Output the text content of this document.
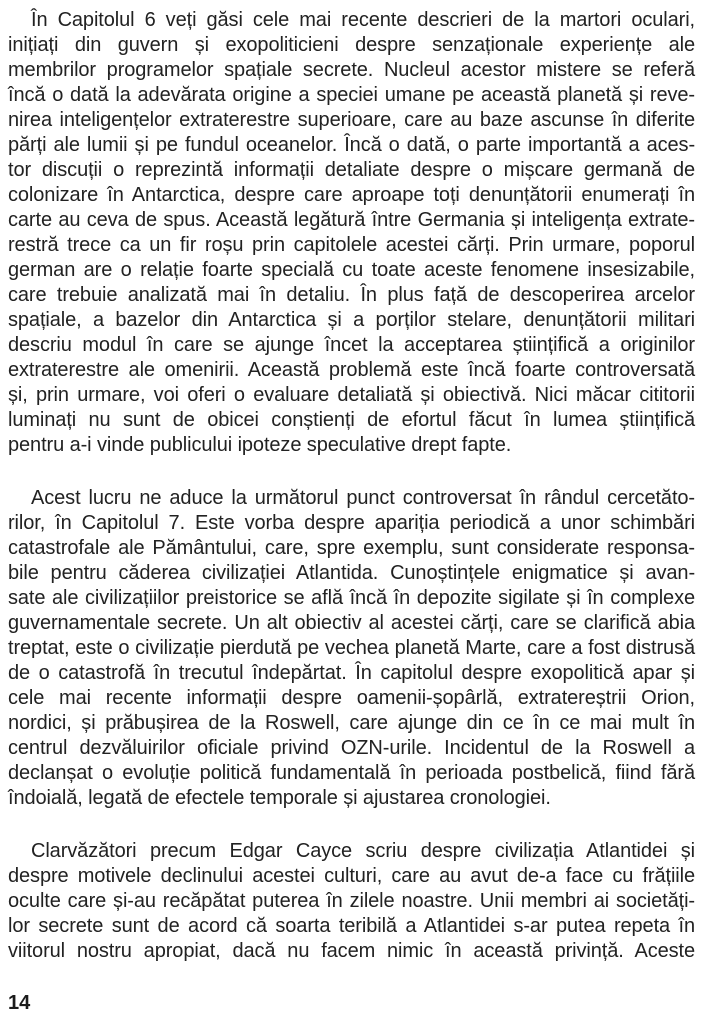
În Capitolul 6 veți găsi cele mai recente descrieri de la martori oculari,
inițiați din guvern și exopoliticieni despre senzaționale experiențe ale
membrilor programelor spațiale secrete. Nucleul acestor mistere se referă
încă o dată la adevărata origine a speciei umane pe această planetă și reve-
nirea inteligențelor extraterestre superioare, care au baze ascunse în diferite
părți ale lumii și pe fundul oceanelor. Încă o dată, o parte importantă a aces-
tor discuții o reprezintă informații detaliate despre o mișcare germană de
colonizare în Antarctica, despre care aproape toți denunțătorii enumerați în
carte au ceva de spus. Această legătură între Germania și inteligența extrate-
restră trece ca un fir roșu prin capitolele acestei cărți. Prin urmare, poporul
german are o relație foarte specială cu toate aceste fenomene insesizabile,
care trebuie analizată mai în detaliu. În plus față de descoperirea arcelor
spațiale, a bazelor din Antarctica și a porților stelare, denunțătorii militari
descriu modul în care se ajunge încet la acceptarea științifică a originilor
extraterestre ale omenirii. Această problemă este încă foarte controversată
și, prin urmare, voi oferi o evaluare detaliată și obiectivă. Nici măcar cititorii
luminați nu sunt de obicei conștienți de efortul făcut în lumea științifică
pentru a-i vinde publicului ipoteze speculative drept fapte.

Acest lucru ne aduce la următorul punct controversat în rândul cercetăto-
rilor, în Capitolul 7. Este vorba despre apariția periodică a unor schimbări
catastrofale ale Pământului, care, spre exemplu, sunt considerate responsa-
bile pentru căderea civilizației Atlantida. Cunoștințele enigmatice și avan-
sate ale civilizațiilor preistorice se află încă în depozite sigilate și în complexe
guvernamentale secrete. Un alt obiectiv al acestei cărți, care se clarifică abia
treptat, este o civilizație pierdută pe vechea planetă Marte, care a fost distrusă
de o catastrofă în trecutul îndepărtat. În capitolul despre exopolitică apar și
cele mai recente informații despre oamenii-șopârlă, extratereștrii Orion,
nordici, și prăbușirea de la Roswell, care ajunge din ce în ce mai mult în
centrul dezvăluirilor oficiale privind OZN-urile. Incidentul de la Roswell a
declanșat o evoluție politică fundamentală în perioada postbelică, fiind fără
îndoială, legată de efectele temporale și ajustarea cronologiei.

Clarvăzători precum Edgar Cayce scriu despre civilizația Atlantidei și
despre motivele declinului acestei culturi, care au avut de-a face cu frățiile
oculte care și-au recăpătat puterea în zilele noastre. Unii membri ai societăți-
lor secrete sunt de acord că soarta teribilă a Atlantidei s-ar putea repeta în
viitorul nostru apropiat, dacă nu facem nimic în această privință. Aceste

14
